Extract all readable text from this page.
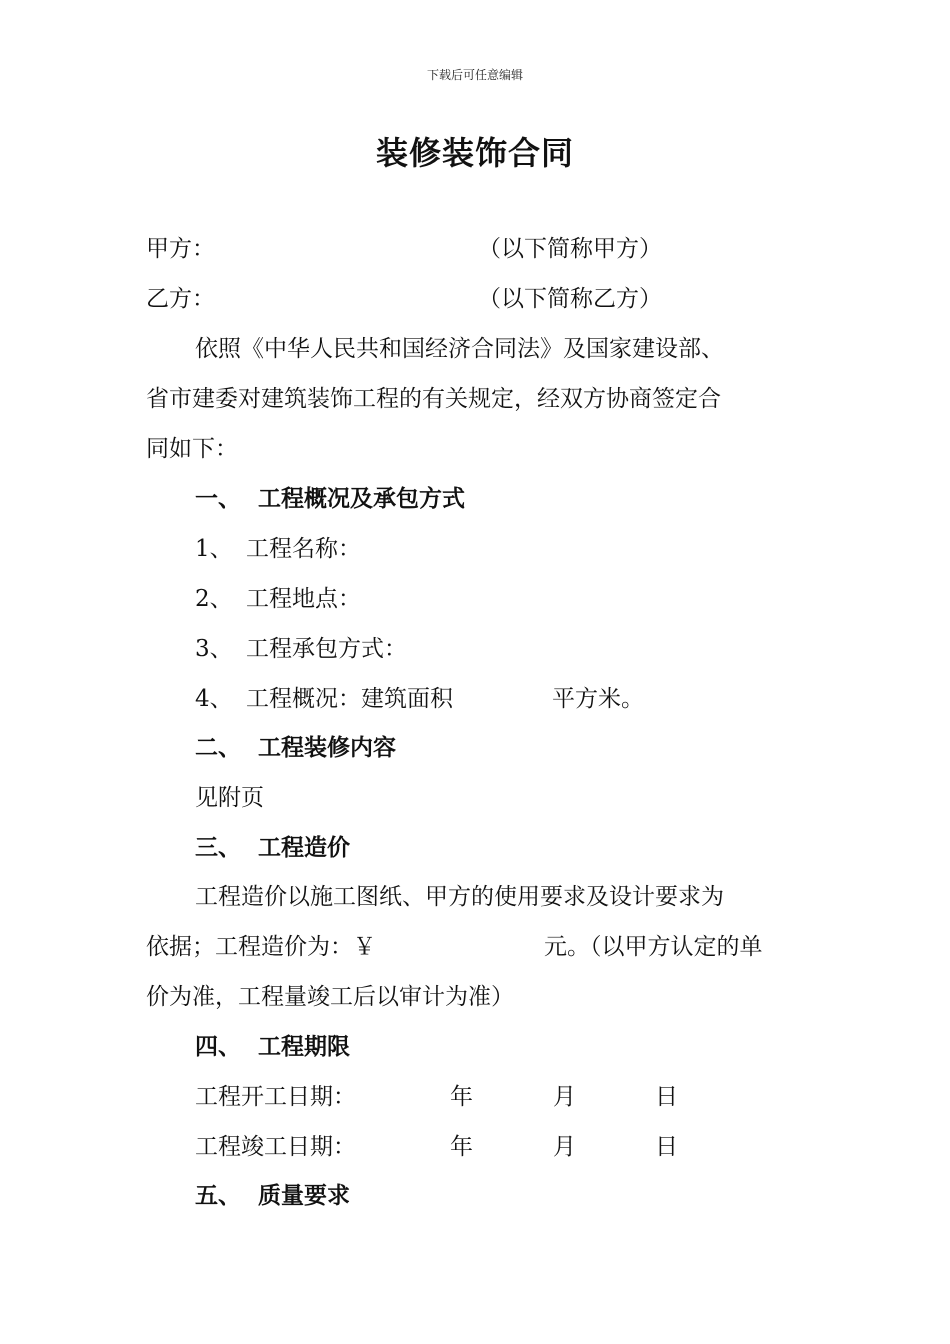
下载后可任意编辑
装修装饰合同
甲方：	（以下简称甲方）
乙方：	（以下简称乙方）
依照《中华人民共和国经济合同法》及国家建设部、
省市建委对建筑装饰工程的有关规定，经双方协商签定合
同如下：
一、 工程概况及承包方式
1、 工程名称：
2、 工程地点：
3、 工程承包方式：
4、 工程概况：建筑面积	平方米。
二、 工程装修内容
见附页
三、 工程造价
工程造价以施工图纸、甲方的使用要求及设计要求为
依据；工程造价为：￥	元。（以甲方认定的单
价为准，工程量竣工后以审计为准）
四、 工程期限
工程开工日期：	年	月	日
工程竣工日期：	年	月	日
五、 质量要求
